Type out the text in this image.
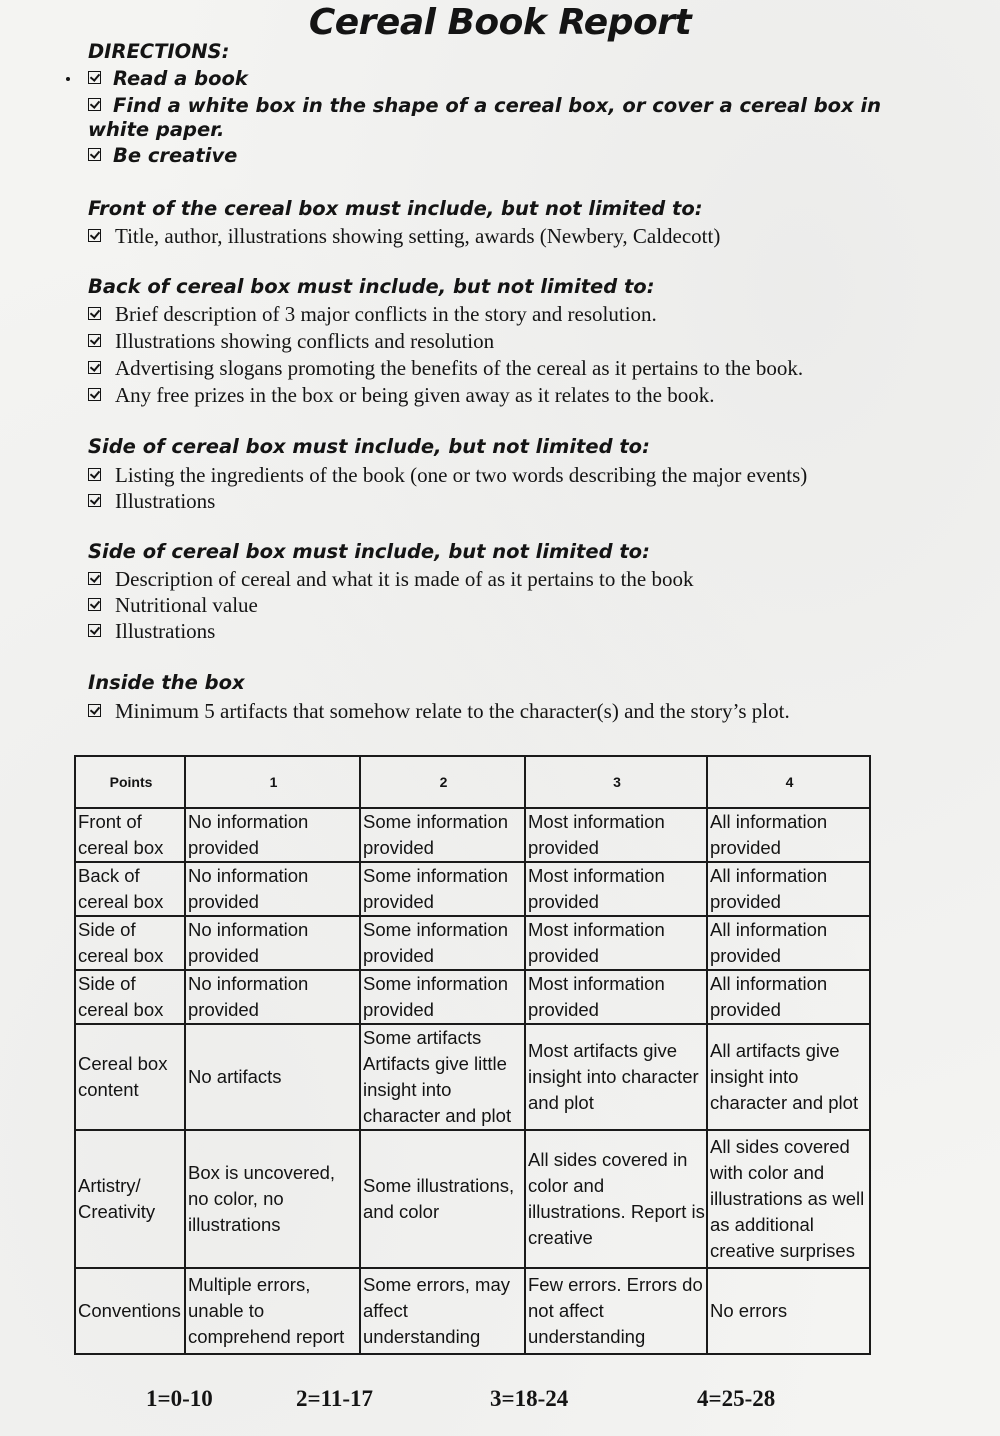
Cereal Book Report
DIRECTIONS:
Read a book
Find a white box in the shape of a cereal box, or cover a cereal box in white paper.
Be creative
Front of the cereal box must include, but not limited to:
Title, author, illustrations showing setting, awards (Newbery, Caldecott)
Back of cereal box must include, but not limited to:
Brief description of 3 major conflicts in the story and resolution.
Illustrations showing conflicts and resolution
Advertising slogans promoting the benefits of the cereal as it pertains to the book.
Any free prizes in the box or being given away as it relates to the book.
Side of cereal box must include, but not limited to:
Listing the ingredients of the book (one or two words describing the major events)
Illustrations
Side of cereal box must include, but not limited to:
Description of cereal and what it is made of as it pertains to the book
Nutritional value
Illustrations
Inside the box
Minimum 5 artifacts that somehow relate to the character(s) and the story’s plot.
Points	1	2	3	4
Front of cereal box	No information provided	Some information provided	Most information provided	All information provided
Back of cereal box	No information provided	Some information provided	Most information provided	All information provided
Side of cereal box	No information provided	Some information provided	Most information provided	All information provided
Side of cereal box	No information provided	Some information provided	Most information provided	All information provided
Cereal box content	No artifacts	Some artifacts Artifacts give little insight into character and plot	Most artifacts give insight into character and plot	All artifacts give insight into character and plot
Artistry/ Creativity	Box is uncovered, no color, no illustrations	Some illustrations, and color	All sides covered in color and illustrations. Report is creative	All sides covered with color and illustrations as well as additional creative surprises
Conventions	Multiple errors, unable to comprehend report	Some errors, may affect understanding	Few errors. Errors do not affect understanding	No errors
1=0-10	2=11-17	3=18-24	4=25-28
